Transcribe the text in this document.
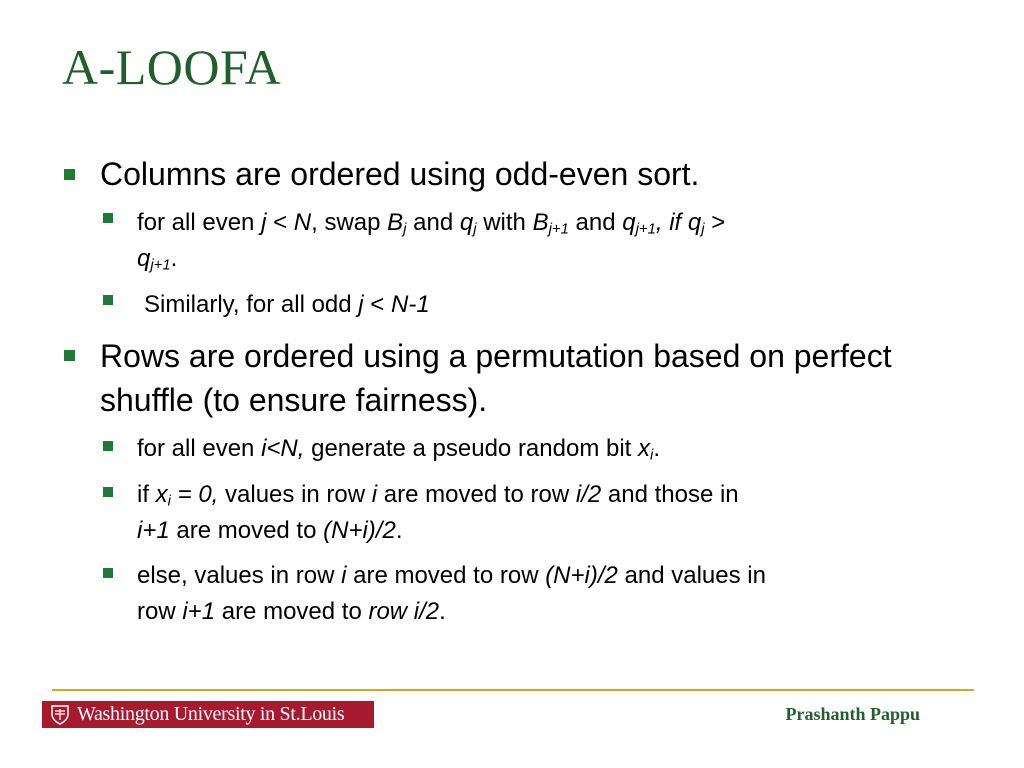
A-LOOFA
Columns are ordered using odd-even sort.
for all even j < N, swap $B_j$ and $q_j$ with $B_{j+1}$ and $q_{j+1}$, if $q_j$ >
$q_{j+1}$.
Similarly, for all odd j < N-1
Rows are ordered using a permutation based on perfect shuffle (to ensure fairness).
for all even i<N, generate a pseudo random bit $x_i$.
if $x_i = 0$, values in row i are moved to row i/2 and those in
i+1 are moved to (N+i)/2.
else, values in row i are moved to row (N+i)/2 and values in
row i+1 are moved to row i/2.
Washington University in St.Louis	Prashanth Pappu
